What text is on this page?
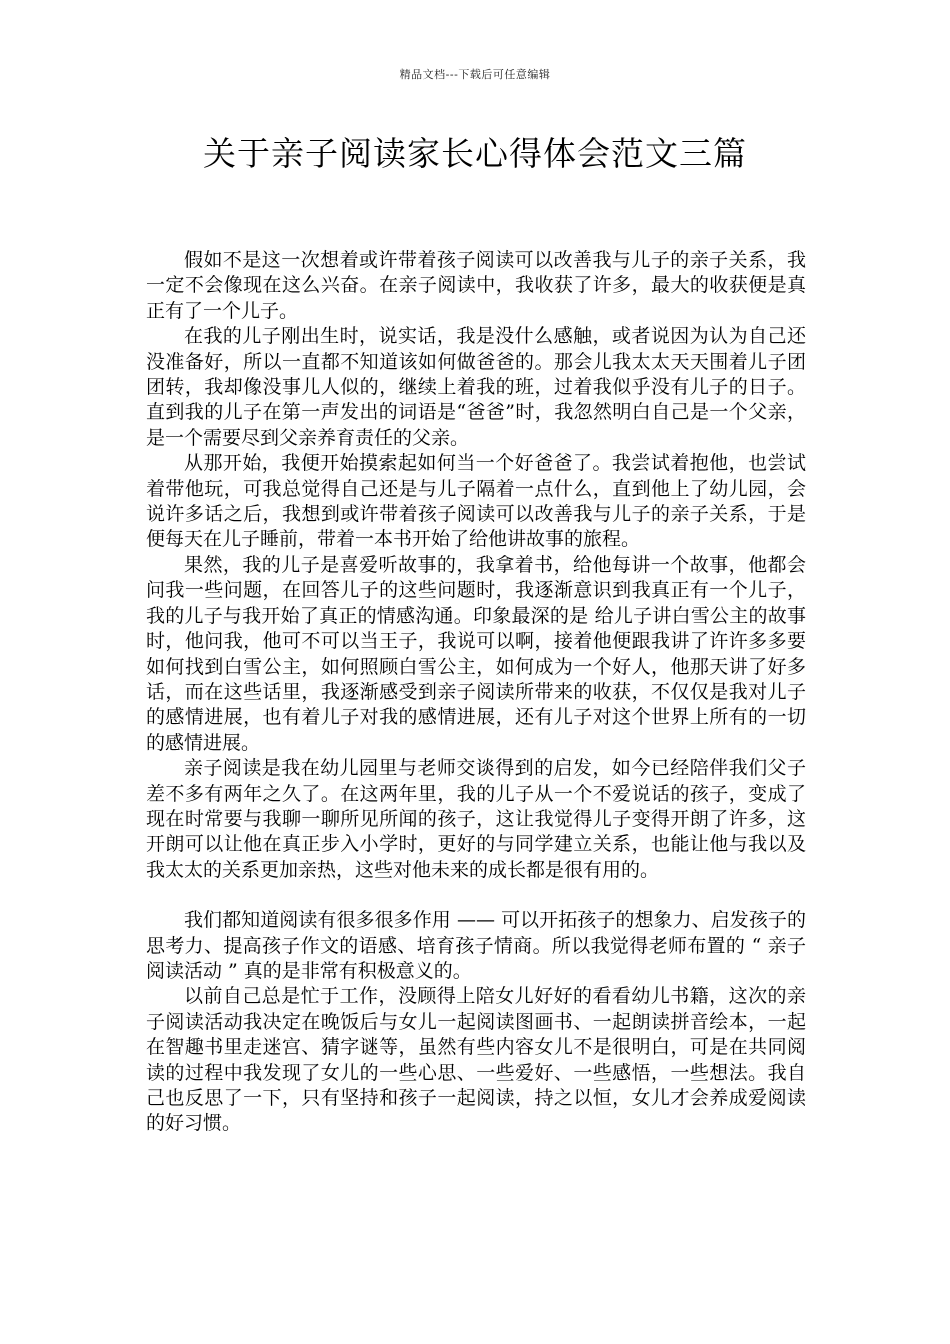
精品文档---下载后可任意编辑
关于亲子阅读家长心得体会范文三篇

假如不是这一次想着或许带着孩子阅读可以改善我与儿子的亲子关系，我一定不会像现在这么兴奋。在亲子阅读中，我收获了许多，最大的收获便是真正有了一个儿子。

在我的儿子刚出生时，说实话，我是没什么感触，或者说因为认为自己还没准备好，所以一直都不知道该如何做爸爸的。那会儿我太太天天围着儿子团团转，我却像没事儿人似的，继续上着我的班，过着我似乎没有儿子的日子。直到我的儿子在第一声发出的词语是“爸爸”时，我忽然明白自己是一个父亲，是一个需要尽到父亲养育责任的父亲。

从那开始，我便开始摸索起如何当一个好爸爸了。我尝试着抱他，也尝试着带他玩，可我总觉得自己还是与儿子隔着一点什么，直到他上了幼儿园，会说许多话之后，我想到或许带着孩子阅读可以改善我与儿子的亲子关系，于是便每天在儿子睡前，带着一本书开始了给他讲故事的旅程。

果然，我的儿子是喜爱听故事的，我拿着书，给他每讲一个故事，他都会问我一些问题，在回答儿子的这些问题时，我逐渐意识到我真正有一个儿子，我的儿子与我开始了真正的情感沟通。印象最深的是 给儿子讲白雪公主的故事时，他问我，他可不可以当王子，我说可以啊，接着他便跟我讲了许许多多要如何找到白雪公主，如何照顾白雪公主，如何成为一个好人，他那天讲了好多话，而在这些话里，我逐渐感受到亲子阅读所带来的收获，不仅仅是我对儿子的感情进展，也有着儿子对我的感情进展，还有儿子对这个世界上所有的一切的感情进展。

亲子阅读是我在幼儿园里与老师交谈得到的启发，如今已经陪伴我们父子差不多有两年之久了。在这两年里，我的儿子从一个不爱说话的孩子，变成了现在时常要与我聊一聊所见所闻的孩子，这让我觉得儿子变得开朗了许多，这开朗可以让他在真正步入小学时，更好的与同学建立关系，也能让他与我以及我太太的关系更加亲热，这些对他未来的成长都是很有用的。

我们都知道阅读有很多很多作用 —— 可以开拓孩子的想象力、启发孩子的思考力、提高孩子作文的语感、培育孩子情商。所以我觉得老师布置的 “ 亲子阅读活动 ” 真的是非常有积极意义的。

以前自己总是忙于工作，没顾得上陪女儿好好的看看幼儿书籍，这次的亲子阅读活动我决定在晚饭后与女儿一起阅读图画书、一起朗读拼音绘本，一起在智趣书里走迷宫、猜字谜等，虽然有些内容女儿不是很明白，可是在共同阅读的过程中我发现了女儿的一些心思、一些爱好、一些感悟，一些想法。我自己也反思了一下，只有坚持和孩子一起阅读，持之以恒，女儿才会养成爱阅读的好习惯。
